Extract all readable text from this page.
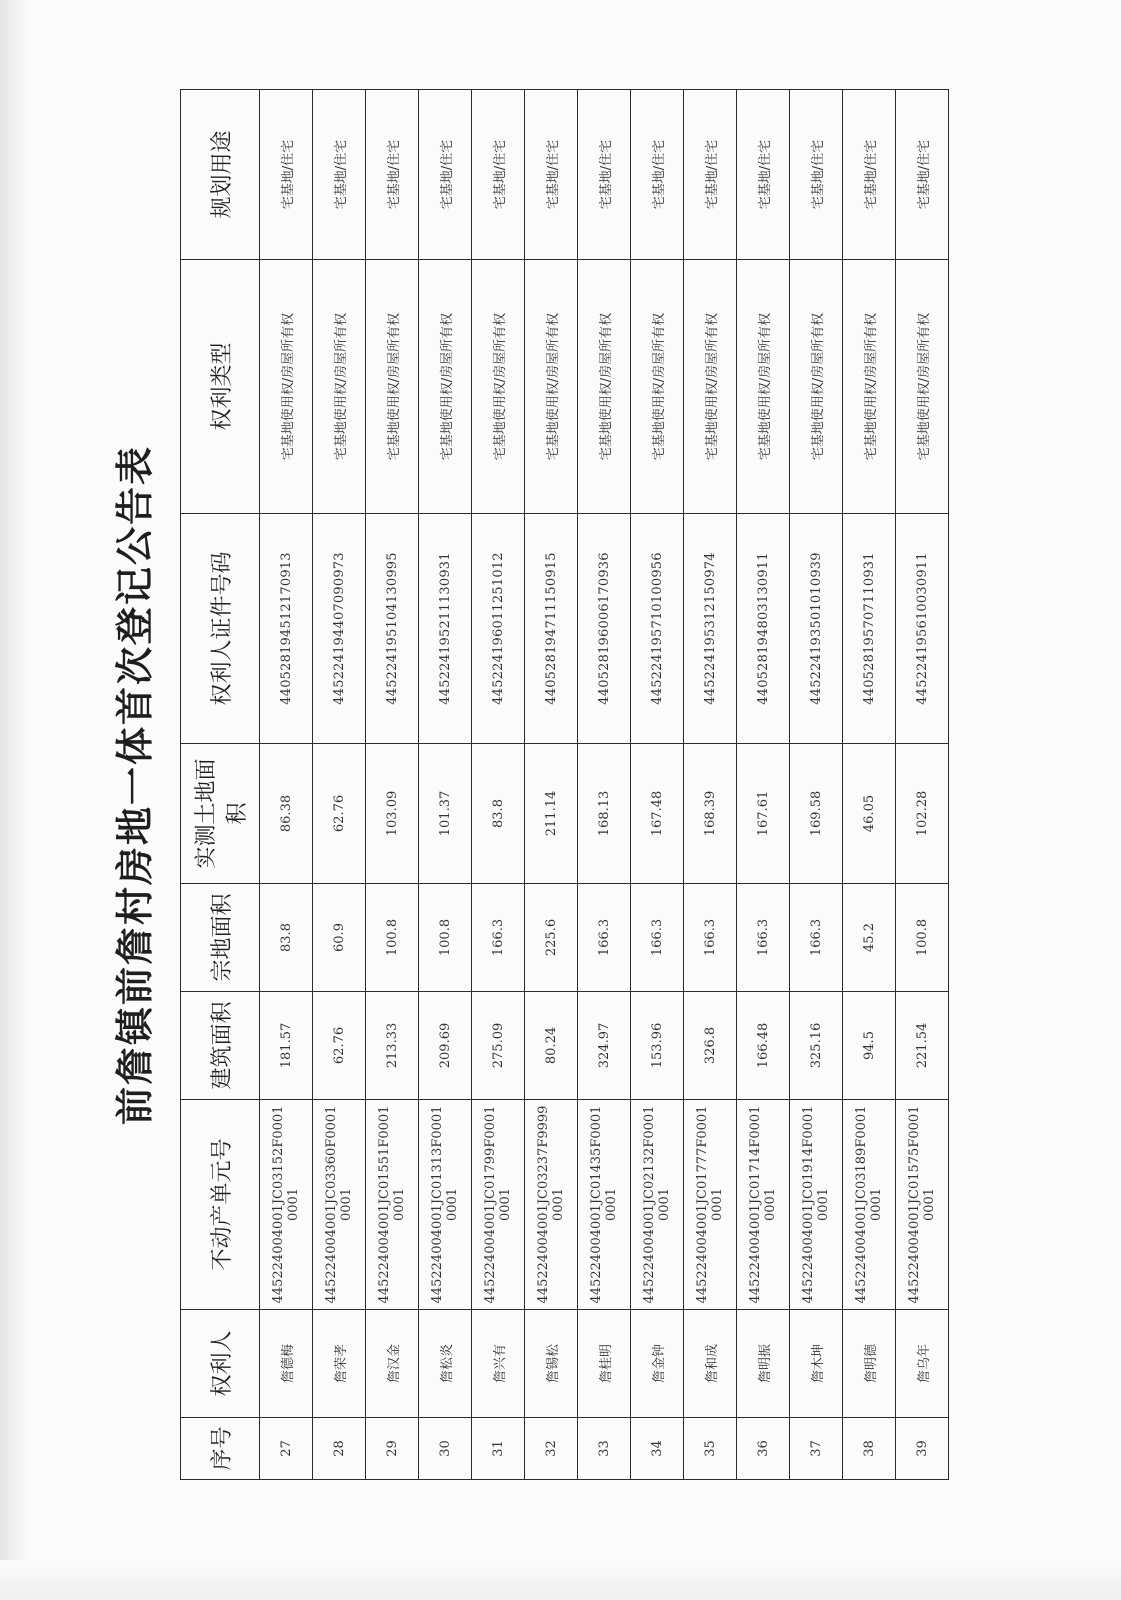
前詹镇前詹村房地一体首次登记公告表
序号	权利人	不动产单元号	建筑面积	宗地面积	实测土地面积	权利人证件号码	权利类型	规划用途
27	詹德梅	445224004001JC03152F00010001	181.57	83.8	86.38	440528194512170913	宅基地使用权/房屋所有权	宅基地/住宅
28	詹荣孝	445224004001JC03360F00010001	62.76	60.9	62.76	445224194407090973	宅基地使用权/房屋所有权	宅基地/住宅
29	詹汉金	445224004001JC01551F00010001	213.33	100.8	103.09	445224195104130995	宅基地使用权/房屋所有权	宅基地/住宅
30	詹松炎	445224004001JC01313F00010001	209.69	100.8	101.37	445224195211130931	宅基地使用权/房屋所有权	宅基地/住宅
31	詹兴有	445224004001JC01799F00010001	275.09	166.3	83.8	445224196011251012	宅基地使用权/房屋所有权	宅基地/住宅
32	詹锡松	445224004001JC03237F99990001	80.24	225.6	211.14	440528194711150915	宅基地使用权/房屋所有权	宅基地/住宅
33	詹桂明	445224004001JC01435F00010001	324.97	166.3	168.13	440528196006170936	宅基地使用权/房屋所有权	宅基地/住宅
34	詹金钟	445224004001JC02132F00010001	153.96	166.3	167.48	445224195710100956	宅基地使用权/房屋所有权	宅基地/住宅
35	詹和成	445224004001JC01777F00010001	326.8	166.3	168.39	445224195312150974	宅基地使用权/房屋所有权	宅基地/住宅
36	詹明振	445224004001JC01714F00010001	166.48	166.3	167.61	440528194803130911	宅基地使用权/房屋所有权	宅基地/住宅
37	詹木坤	445224004001JC01914F00010001	325.16	166.3	169.58	445224193501010939	宅基地使用权/房屋所有权	宅基地/住宅
38	詹明德	445224004001JC03189F00010001	94.5	45.2	46.05	440528195707110931	宅基地使用权/房屋所有权	宅基地/住宅
39	詹乌年	445224004001JC01575F00010001	221.54	100.8	102.28	445224195610030911	宅基地使用权/房屋所有权	宅基地/住宅
